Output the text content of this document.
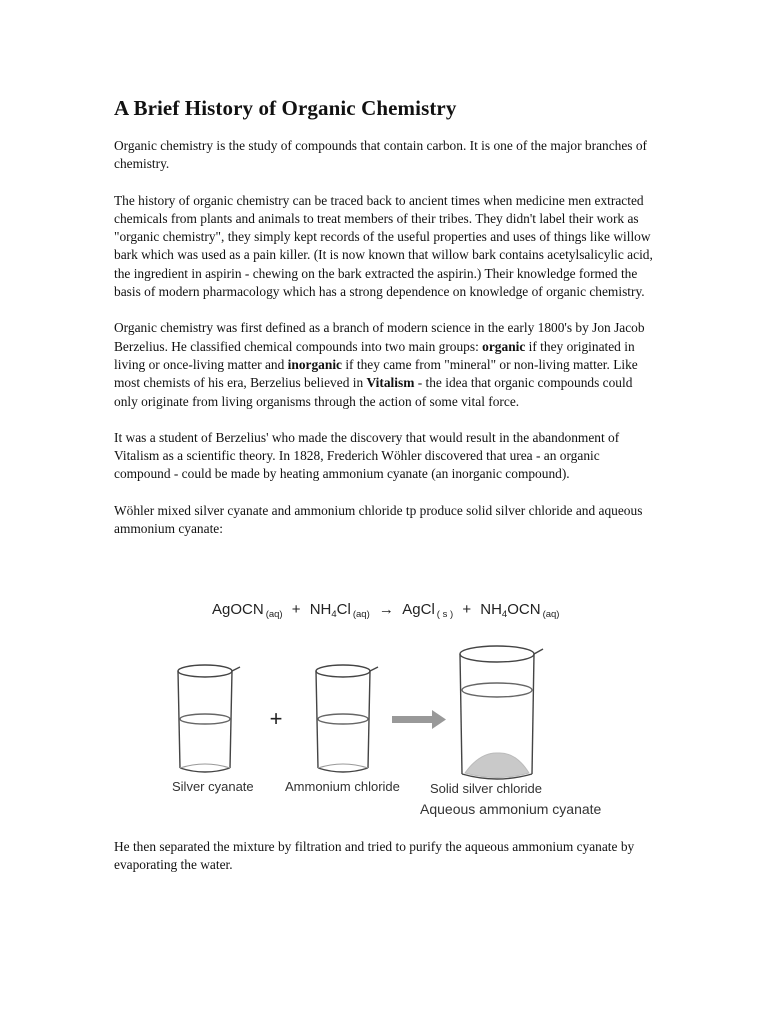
A Brief History of Organic Chemistry

Organic chemistry is the study of compounds that contain carbon. It is one of the major branches of chemistry.

The history of organic chemistry can be traced back to ancient times when medicine men extracted chemicals from plants and animals to treat members of their tribes. They didn't label their work as "organic chemistry", they simply kept records of the useful properties and uses of things like willow bark which was used as a pain killer. (It is now known that willow bark contains acetylsalicylic acid, the ingredient in aspirin - chewing on the bark extracted the aspirin.) Their knowledge formed the basis of modern pharmacology which has a strong dependence on knowledge of organic chemistry.

Organic chemistry was first defined as a branch of modern science in the early 1800's by Jon Jacob Berzelius. He classified chemical compounds into two main groups: organic if they originated in living or once-living matter and inorganic if they came from "mineral" or non-living matter. Like most chemists of his era, Berzelius believed in Vitalism - the idea that organic compounds could only originate from living organisms through the action of some vital force.

It was a student of Berzelius' who made the discovery that would result in the abandonment of Vitalism as a scientific theory. In 1828, Frederich Wöhler discovered that urea - an organic compound - could be made by heating ammonium cyanate (an inorganic compound).

Wöhler mixed silver cyanate and ammonium chloride tp produce solid silver chloride and aqueous ammonium cyanate:

He then separated the mixture by filtration and tried to purify the aqueous ammonium cyanate by evaporating the water.

AgOCN $_{(aq)} + NH_4Cl$ $_{(aq)}$ → AgCl $_{( s )} + NH_4OCN$ $_{(aq)}$
+
Silver cyanate Ammonium chloride Solid silver chloride
Aqueous ammonium cyanate
